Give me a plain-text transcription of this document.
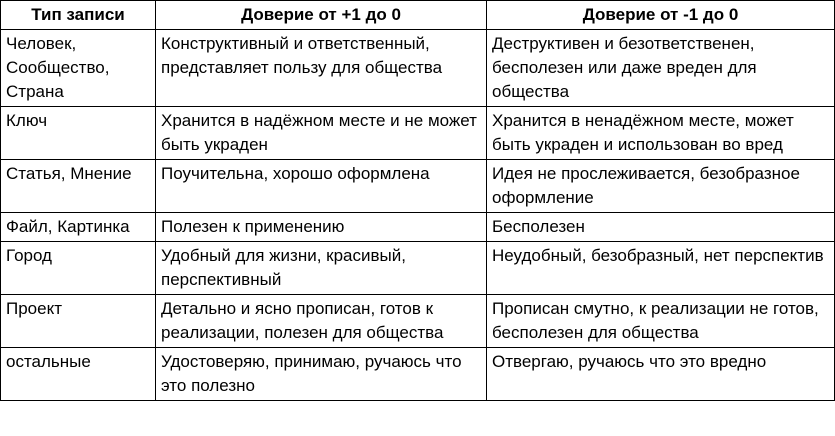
Тип записи	Доверие от +1 до 0	Доверие от -1 до 0
Человек, Сообщество, Страна	Конструктивный и ответственный, представляет пользу для общества	Деструктивен и безответственен, бесполезен или даже вреден для общества
Ключ	Хранится в надёжном месте и не может быть украден	Хранится в ненадёжном месте, может быть украден и использован во вред
Статья, Мнение	Поучительна, хорошо оформлена	Идея не прослеживается, безобразное оформление
Файл, Картинка	Полезен к применению	Бесполезен
Город	Удобный для жизни, красивый, перспективный	Неудобный, безобразный, нет перспектив
Проект	Детально и ясно прописан, готов к реализации, полезен для общества	Прописан смутно, к реализации не готов, бесполезен для общества
остальные	Удостоверяю, принимаю, ручаюсь что это полезно	Отвергаю, ручаюсь что это вредно
